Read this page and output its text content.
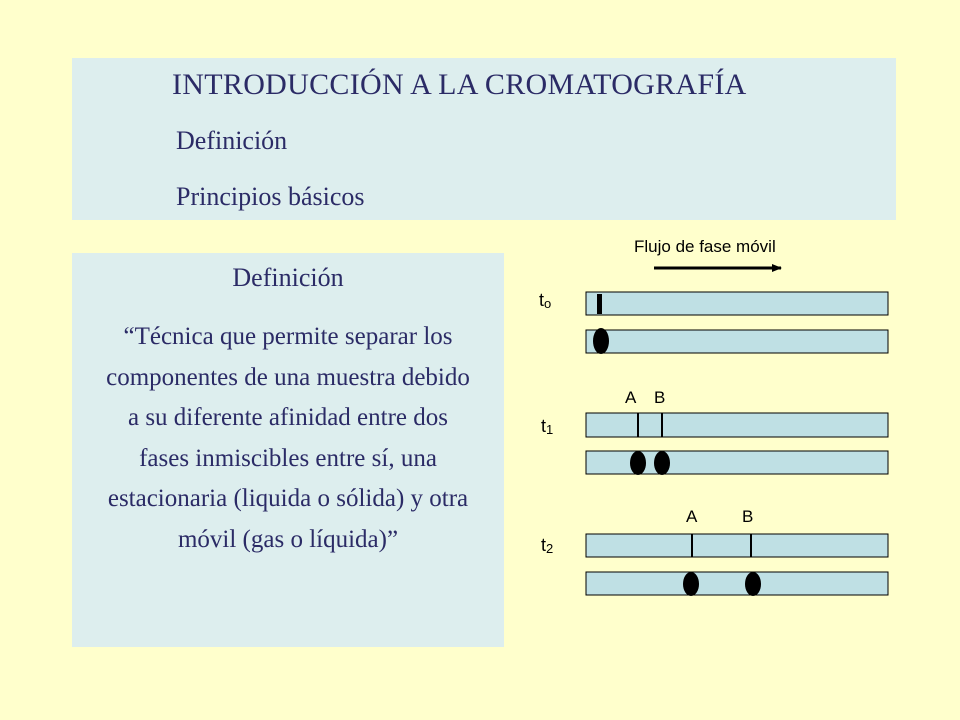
INTRODUCCIÓN A LA CROMATOGRAFÍA
Definición
Principios básicos
Definición
“Técnica que permite separar los componentes de una muestra debido a su diferente afinidad entre dos fases inmiscibles entre sí, una estacionaria (liquida o sólida) y otra móvil (gas o líquida)”
Flujo de fase móvil
to
A B
t1
A	B
t2
